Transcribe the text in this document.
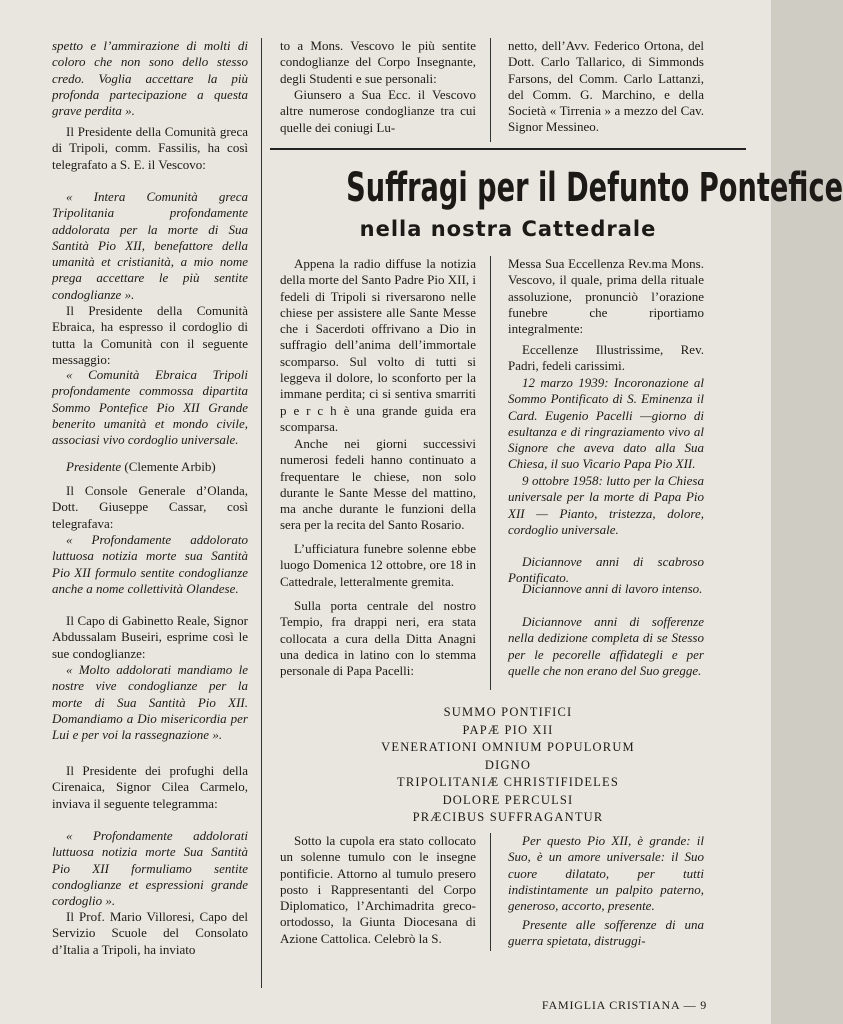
spetto e l’ammirazione di molti di coloro che non sono dello stesso credo. Voglia accettare la più profonda partecipazione a questa grave perdita ».

Il Presidente della Comunità greca di Tripoli, comm. Fassilis, ha così telegrafato a S. E. il Vescovo:

« Intera Comunità greca Tripolitania profondamente addolorata per la morte di Sua Santità Pio XII, benefattore della umanità et cristianità, a mio nome prega accettare le più sentite condoglianze ».

Il Presidente della Comunità Ebraica, ha espresso il cordoglio di tutta la Comunità con il seguente messaggio:

« Comunità Ebraica Tripoli profondamente commossa dipartita Sommo Pontefice Pio XII Grande benerito umanità et mondo civile, associasi vivo cordoglio universale.

Presidente (Clemente Arbib)

Il Console Generale d’Olanda, Dott. Giuseppe Cassar, così telegrafava:

« Profondamente addolorato luttuosa notizia morte sua Santità Pio XII formulo sentite condoglianze anche a nome collettività Olandese.

Il Capo di Gabinetto Reale, Signor Abdussalam Buseiri, esprime così le sue condoglianze:

« Molto addolorati mandiamo le nostre vive condoglianze per la morte di Sua Santità Pio XII. Domandiamo a Dio misericordia per Lui e per voi la rassegnazione ».

Il Presidente dei profughi della Cirenaica, Signor Cilea Carmelo, inviava il seguente telegramma:

« Profondamente addolorati luttuosa notizia morte Sua Santità Pio XII formuliamo sentite condoglianze et espressioni grande cordoglio ».

Il Prof. Mario Villoresi, Capo del Servizio Scuole del Consolato d’Italia a Tripoli, ha inviato

to a Mons. Vescovo le più sentite condoglianze del Corpo Insegnante, degli Studenti e sue personali:

Giunsero a Sua Ecc. il Vescovo altre numerose condoglianze tra cui quelle dei coniugi Lu-

netto, dell’Avv. Federico Ortona, del Dott. Carlo Tallarico, di Simmonds Farsons, del Comm. Carlo Lattanzi, del Comm. G. Marchino, e della Società « Tirrenia » a mezzo del Cav. Signor Messineo.

Suffragi per il Defunto Pontefice
nella nostra Cattedrale

Appena la radio diffuse la notizia della morte del Santo Padre Pio XII, i fedeli di Tripoli si riversarono nelle chiese per assistere alle Sante Messe che i Sacerdoti offrivano a Dio in suffragio dell’anima dell’immortale scomparso. Sul volto di tutti si leggeva il dolore, lo sconforto per la immane perdita; ci si sentiva smarriti p e r c h è una grande guida era scomparsa.

Anche nei giorni successivi numerosi fedeli hanno continuato a frequentare le chiese, non solo durante le Sante Messe del mattino, ma anche durante le funzioni della sera per la recita del Santo Rosario.

L’ufficiatura funebre solenne ebbe luogo Domenica 12 ottobre, ore 18 in Cattedrale, letteralmente gremita.

Sulla porta centrale del nostro Tempio, fra drappi neri, era stata collocata a cura della Ditta Anagni una dedica in latino con lo stemma personale di Papa Pacelli:

Messa Sua Eccellenza Rev.ma Mons. Vescovo, il quale, prima della rituale assoluzione, pronunciò l’orazione funebre che riportiamo integralmente:

Eccellenze Illustrissime, Rev. Padri, fedeli carissimi.

12 marzo 1939: Incoronazione al Sommo Pontificato di S. Eminenza il Card. Eugenio Pacelli —giorno di esultanza e di ringraziamento vivo al Signore che aveva dato alla Sua Chiesa, il suo Vicario Papa Pio XII.

9 ottobre 1958: lutto per la Chiesa universale per la morte di Papa Pio XII — Pianto, tristezza, dolore, cordoglio universale.

Diciannove anni di scabroso Pontificato.

Diciannove anni di lavoro intenso.

Diciannove anni di sofferenze nella dedizione completa di se Stesso per le pecorelle affidategli e per quelle che non erano del Suo gregge.

SUMMO PONTIFICI
PAPÆ PIO XII
VENERATIONI OMNIUM POPULORUM
DIGNO
TRIPOLITANIÆ CHRISTIFIDELES
DOLORE PERCULSI
PRÆCIBUS SUFFRAGANTUR

Sotto la cupola era stato collocato un solenne tumulo con le insegne pontificie. Attorno al tumulo presero posto i Rappresentanti del Corpo Diplomatico, l’Archimadrita greco-ortodosso, la Giunta Diocesana di Azione Cattolica. Celebrò la S.

Per questo Pio XII, è grande: il Suo, è un amore universale: il Suo cuore dilatato, per tutti indistintamente un palpito paterno, generoso, accorto, presente.

Presente alle sofferenze di una guerra spietata, distruggi-

FAMIGLIA CRISTIANA — 9
